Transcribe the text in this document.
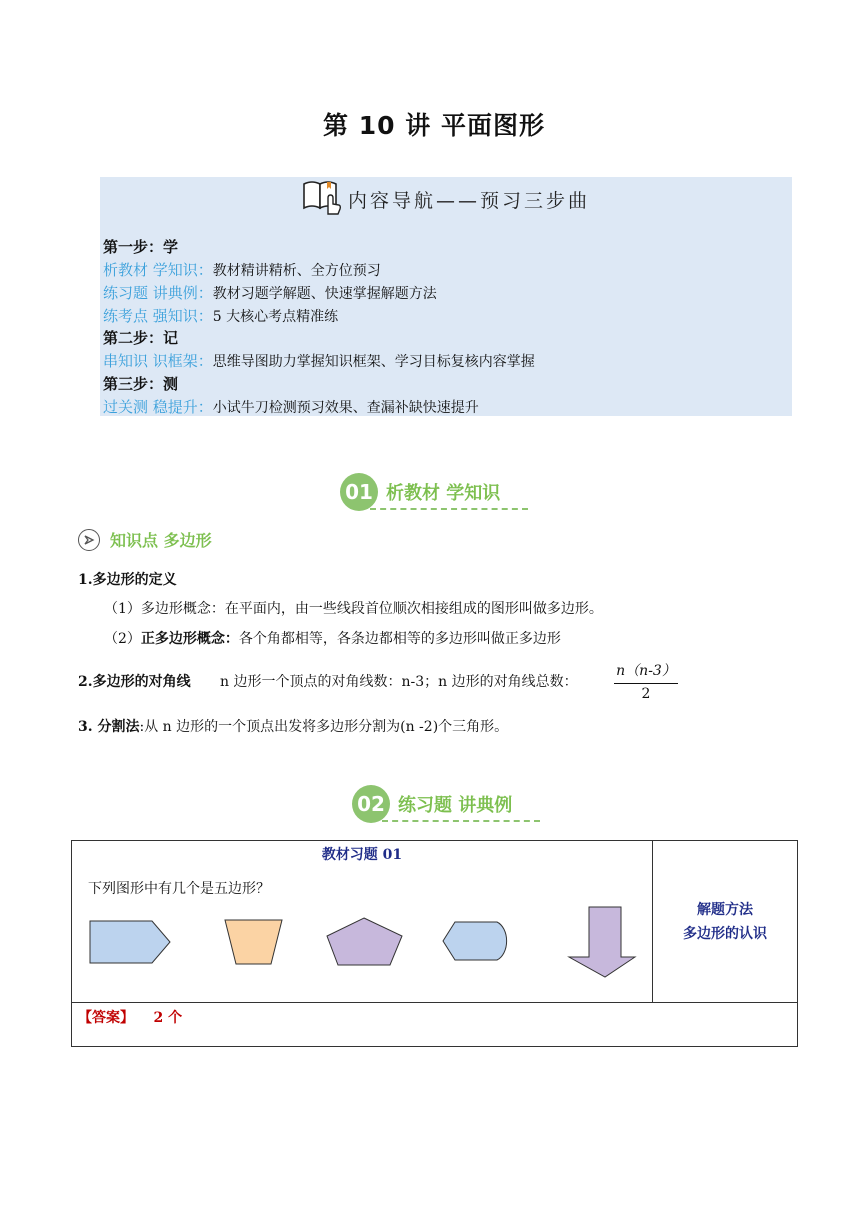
第 10 讲 平面图形
内容导航——预习三步曲
第一步：学
析教材 学知识：教材精讲精析、全方位预习
练习题 讲典例：教材习题学解题、快速掌握解题方法
练考点 强知识：5 大核心考点精准练
第二步：记
串知识 识框架：思维导图助力掌握知识框架、学习目标复核内容掌握
第三步：测
过关测 稳提升：小试牛刀检测预习效果、查漏补缺快速提升
01 析教材 学知识
知识点 多边形
1.多边形的定义
（1）多边形概念：在平面内，由一些线段首位顺次相接组成的图形叫做多边形。
（2）正多边形概念：各个角都相等，各条边都相等的多边形叫做正多边形
2.多边形的对角线 n 边形一个顶点的对角线数：n-3；n 边形的对角线总数：
n（n-3）
2
3. 分割法:从 n 边形的一个顶点出发将多边形分割为(n -2)个三角形。
02 练习题 讲典例
教材习题 01
下列图形中有几个是五边形？

解题方法
多边形的认识

【答案】 2 个
